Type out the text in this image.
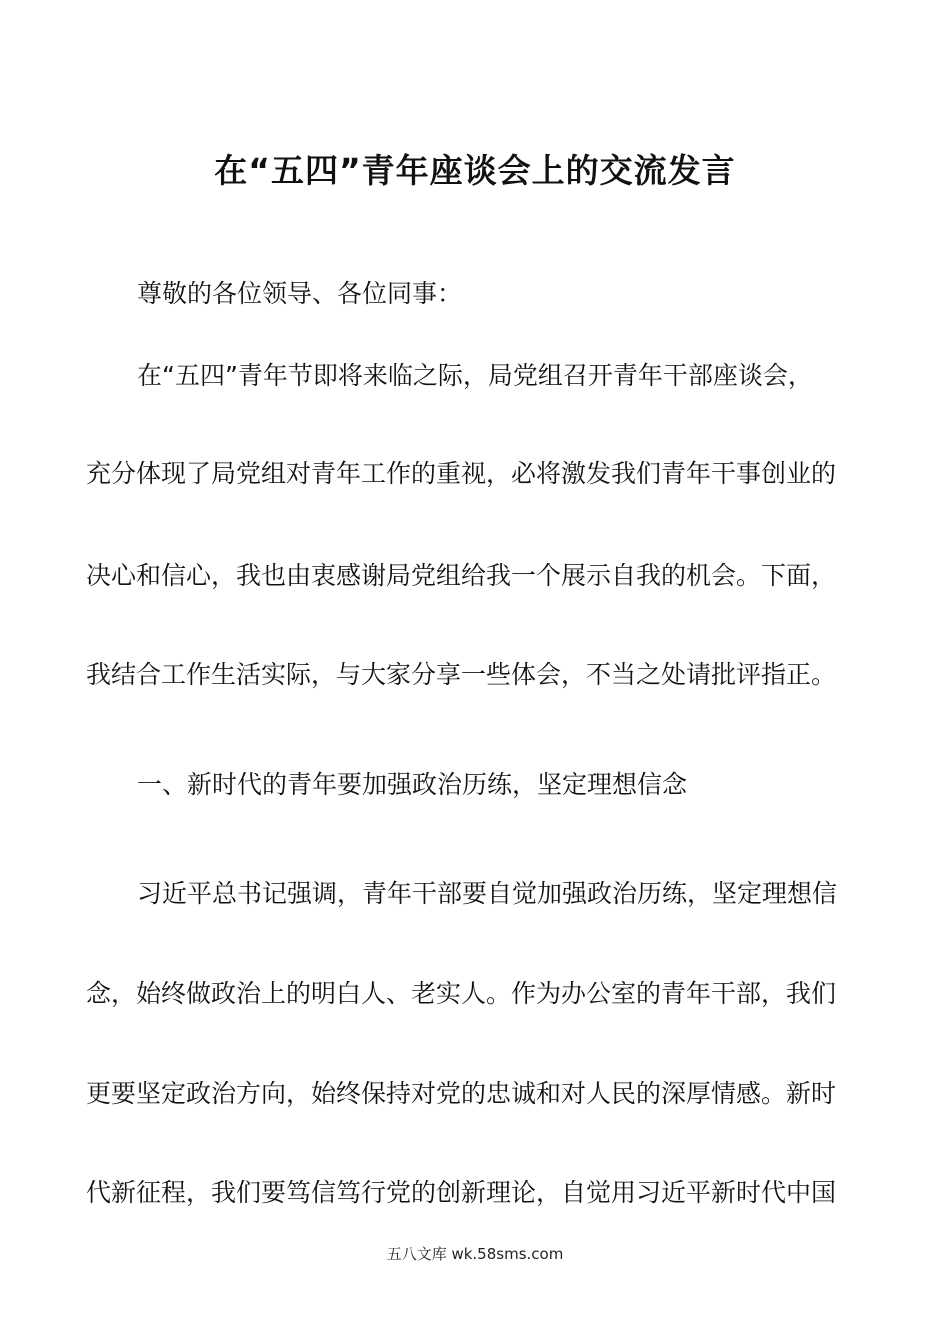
在“五四”青年座谈会上的交流发言

尊敬的各位领导、各位同事：

在“五四”青年节即将来临之际，局党组召开青年干部座谈会，

充分体现了局党组对青年工作的重视，必将激发我们青年干事创业的

决心和信心，我也由衷感谢局党组给我一个展示自我的机会。下面，

我结合工作生活实际，与大家分享一些体会，不当之处请批评指正。

一、新时代的青年要加强政治历练，坚定理想信念

习近平总书记强调，青年干部要自觉加强政治历练，坚定理想信

念，始终做政治上的明白人、老实人。作为办公室的青年干部，我们

更要坚定政治方向，始终保持对党的忠诚和对人民的深厚情感。新时

代新征程，我们要笃信笃行党的创新理论，自觉用习近平新时代中国

五八文库 wk.58sms.com
